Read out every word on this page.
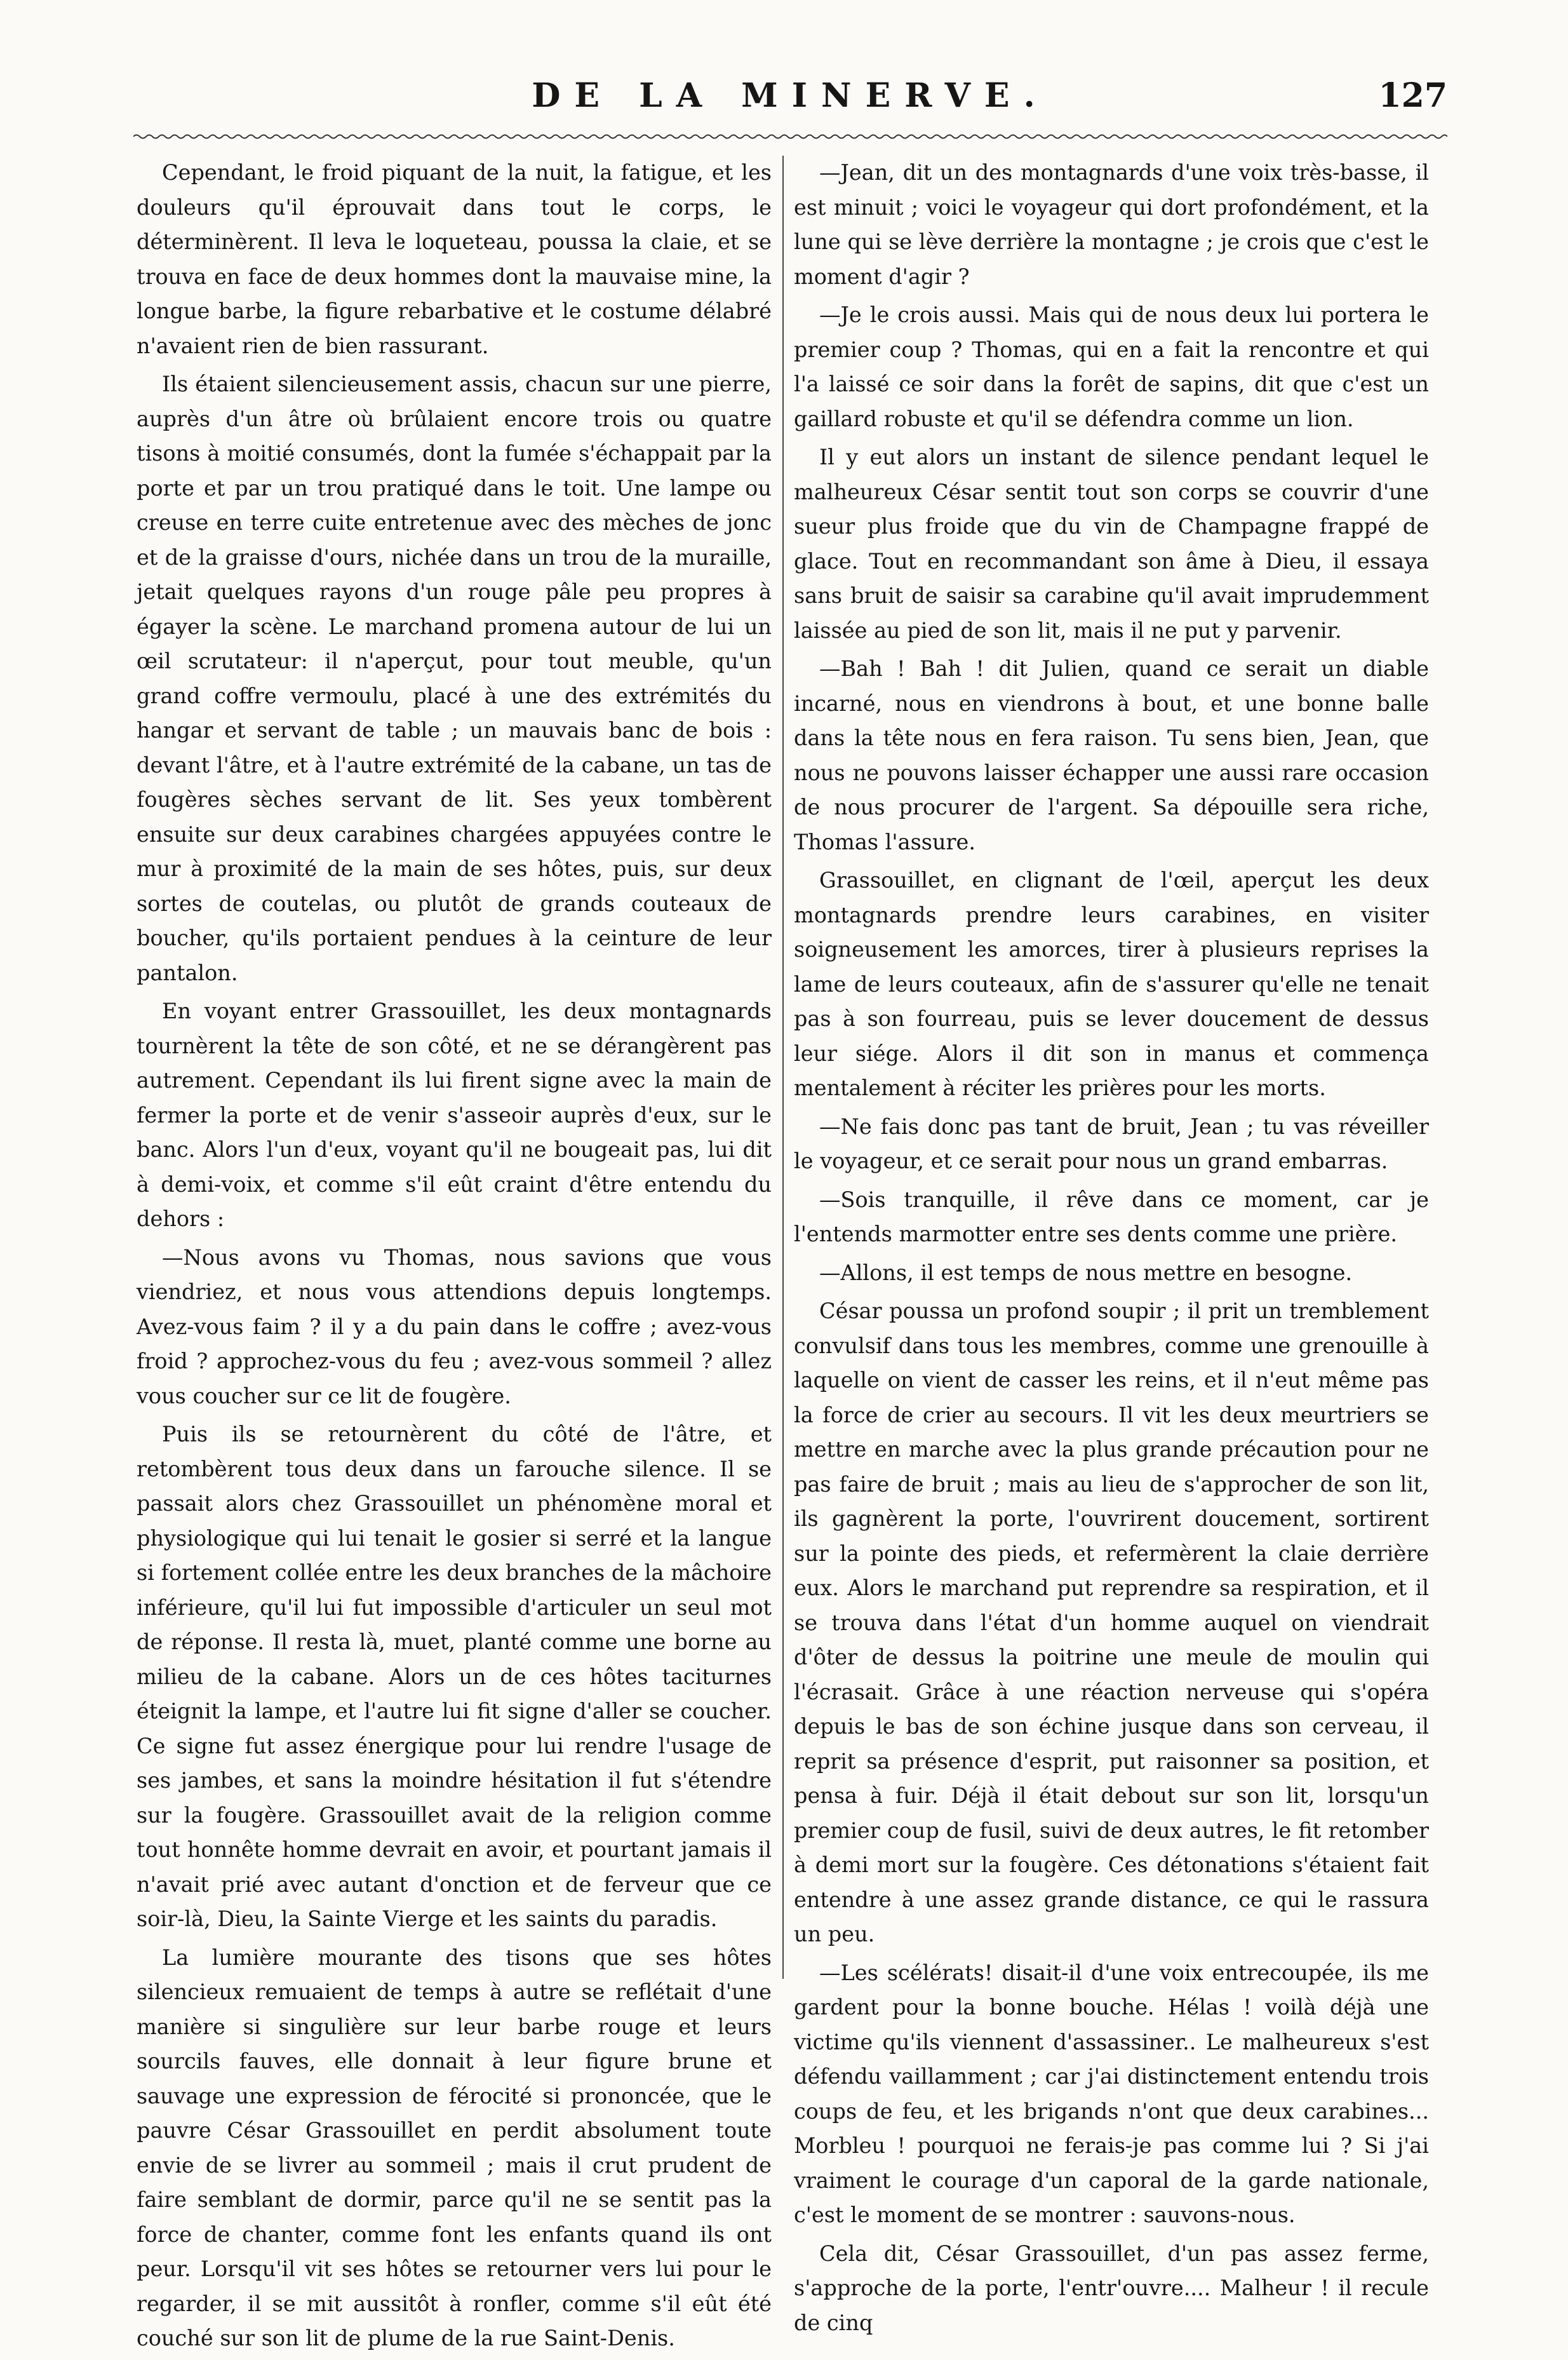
DE LA MINERVE.	127

Cependant, le froid piquant de la nuit, la fatigue, et les douleurs qu'il éprouvait dans tout le corps, le déterminèrent. Il leva le loqueteau, poussa la claie, et se trouva en face de deux hommes dont la mauvaise mine, la longue barbe, la figure rebarbative et le costume délabré n'avaient rien de bien rassurant.

Ils étaient silencieusement assis, chacun sur une pierre, auprès d'un âtre où brûlaient encore trois ou quatre tisons à moitié consumés, dont la fumée s'échappait par la porte et par un trou pratiqué dans le toit. Une lampe ou creuse en terre cuite entretenue avec des mèches de jonc et de la graisse d'ours, nichée dans un trou de la muraille, jetait quelques rayons d'un rouge pâle peu propres à égayer la scène. Le marchand promena autour de lui un œil scrutateur: il n'aperçut, pour tout meuble, qu'un grand coffre vermoulu, placé à une des extrémités du hangar et servant de table ; un mauvais banc de bois : devant l'âtre, et à l'autre extrémité de la cabane, un tas de fougères sèches servant de lit. Ses yeux tombèrent ensuite sur deux carabines chargées appuyées contre le mur à proximité de la main de ses hôtes, puis, sur deux sortes de coutelas, ou plutôt de grands couteaux de boucher, qu'ils portaient pendues à la ceinture de leur pantalon.

En voyant entrer Grassouillet, les deux montagnards tournèrent la tête de son côté, et ne se dérangèrent pas autrement. Cependant ils lui firent signe avec la main de fermer la porte et de venir s'asseoir auprès d'eux, sur le banc. Alors l'un d'eux, voyant qu'il ne bougeait pas, lui dit à demi-voix, et comme s'il eût craint d'être entendu du dehors :

—Nous avons vu Thomas, nous savions que vous viendriez, et nous vous attendions depuis longtemps. Avez-vous faim ? il y a du pain dans le coffre ; avez-vous froid ? approchez-vous du feu ; avez-vous sommeil ? allez vous coucher sur ce lit de fougère.

Puis ils se retournèrent du côté de l'âtre, et retombèrent tous deux dans un farouche silence. Il se passait alors chez Grassouillet un phénomène moral et physiologique qui lui tenait le gosier si serré et la langue si fortement collée entre les deux branches de la mâchoire inférieure, qu'il lui fut impossible d'articuler un seul mot de réponse. Il resta là, muet, planté comme une borne au milieu de la cabane. Alors un de ces hôtes taciturnes éteignit la lampe, et l'autre lui fit signe d'aller se coucher. Ce signe fut assez énergique pour lui rendre l'usage de ses jambes, et sans la moindre hésitation il fut s'étendre sur la fougère. Grassouillet avait de la religion comme tout honnête homme devrait en avoir, et pourtant jamais il n'avait prié avec autant d'onction et de ferveur que ce soir-là, Dieu, la Sainte Vierge et les saints du paradis.

La lumière mourante des tisons que ses hôtes silencieux remuaient de temps à autre se reflétait d'une manière si singulière sur leur barbe rouge et leurs sourcils fauves, elle donnait à leur figure brune et sauvage une expression de férocité si prononcée, que le pauvre César Grassouillet en perdit absolument toute envie de se livrer au sommeil ; mais il crut prudent de faire semblant de dormir, parce qu'il ne se sentit pas la force de chanter, comme font les enfants quand ils ont peur. Lorsqu'il vit ses hôtes se retourner vers lui pour le regarder, il se mit aussitôt à ronfler, comme s'il eût été couché sur son lit de plume de la rue Saint-Denis.

—Jean, dit un des montagnards d'une voix très-basse, il est minuit ; voici le voyageur qui dort profondément, et la lune qui se lève derrière la montagne ; je crois que c'est le moment d'agir ?

—Je le crois aussi. Mais qui de nous deux lui portera le premier coup ? Thomas, qui en a fait la rencontre et qui l'a laissé ce soir dans la forêt de sapins, dit que c'est un gaillard robuste et qu'il se défendra comme un lion.

Il y eut alors un instant de silence pendant lequel le malheureux César sentit tout son corps se couvrir d'une sueur plus froide que du vin de Champagne frappé de glace. Tout en recommandant son âme à Dieu, il essaya sans bruit de saisir sa carabine qu'il avait imprudemment laissée au pied de son lit, mais il ne put y parvenir.

—Bah ! Bah ! dit Julien, quand ce serait un diable incarné, nous en viendrons à bout, et une bonne balle dans la tête nous en fera raison. Tu sens bien, Jean, que nous ne pouvons laisser échapper une aussi rare occasion de nous procurer de l'argent. Sa dépouille sera riche, Thomas l'assure.

Grassouillet, en clignant de l'œil, aperçut les deux montagnards prendre leurs carabines, en visiter soigneusement les amorces, tirer à plusieurs reprises la lame de leurs couteaux, afin de s'assurer qu'elle ne tenait pas à son fourreau, puis se lever doucement de dessus leur siége. Alors il dit son in manus et commença mentalement à réciter les prières pour les morts.

—Ne fais donc pas tant de bruit, Jean ; tu vas réveiller le voyageur, et ce serait pour nous un grand embarras.

—Sois tranquille, il rêve dans ce moment, car je l'entends marmotter entre ses dents comme une prière.

—Allons, il est temps de nous mettre en besogne.

César poussa un profond soupir ; il prit un tremblement convulsif dans tous les membres, comme une grenouille à laquelle on vient de casser les reins, et il n'eut même pas la force de crier au secours. Il vit les deux meurtriers se mettre en marche avec la plus grande précaution pour ne pas faire de bruit ; mais au lieu de s'approcher de son lit, ils gagnèrent la porte, l'ouvrirent doucement, sortirent sur la pointe des pieds, et refermèrent la claie derrière eux. Alors le marchand put reprendre sa respiration, et il se trouva dans l'état d'un homme auquel on viendrait d'ôter de dessus la poitrine une meule de moulin qui l'écrasait. Grâce à une réaction nerveuse qui s'opéra depuis le bas de son échine jusque dans son cerveau, il reprit sa présence d'esprit, put raisonner sa position, et pensa à fuir. Déjà il était debout sur son lit, lorsqu'un premier coup de fusil, suivi de deux autres, le fit retomber à demi mort sur la fougère. Ces détonations s'étaient fait entendre à une assez grande distance, ce qui le rassura un peu.

—Les scélérats! disait-il d'une voix entrecoupée, ils me gardent pour la bonne bouche. Hélas ! voilà déjà une victime qu'ils viennent d'assassiner.. Le malheureux s'est défendu vaillamment ; car j'ai distinctement entendu trois coups de feu, et les brigands n'ont que deux carabines... Morbleu ! pourquoi ne ferais-je pas comme lui ? Si j'ai vraiment le courage d'un caporal de la garde nationale, c'est le moment de se montrer : sauvons-nous.

Cela dit, César Grassouillet, d'un pas assez ferme, s'approche de la porte, l'entr'ouvre.... Malheur ! il recule de cinq
